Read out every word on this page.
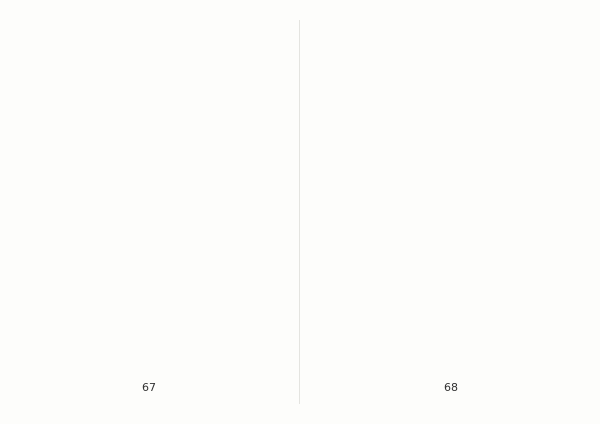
67	68
